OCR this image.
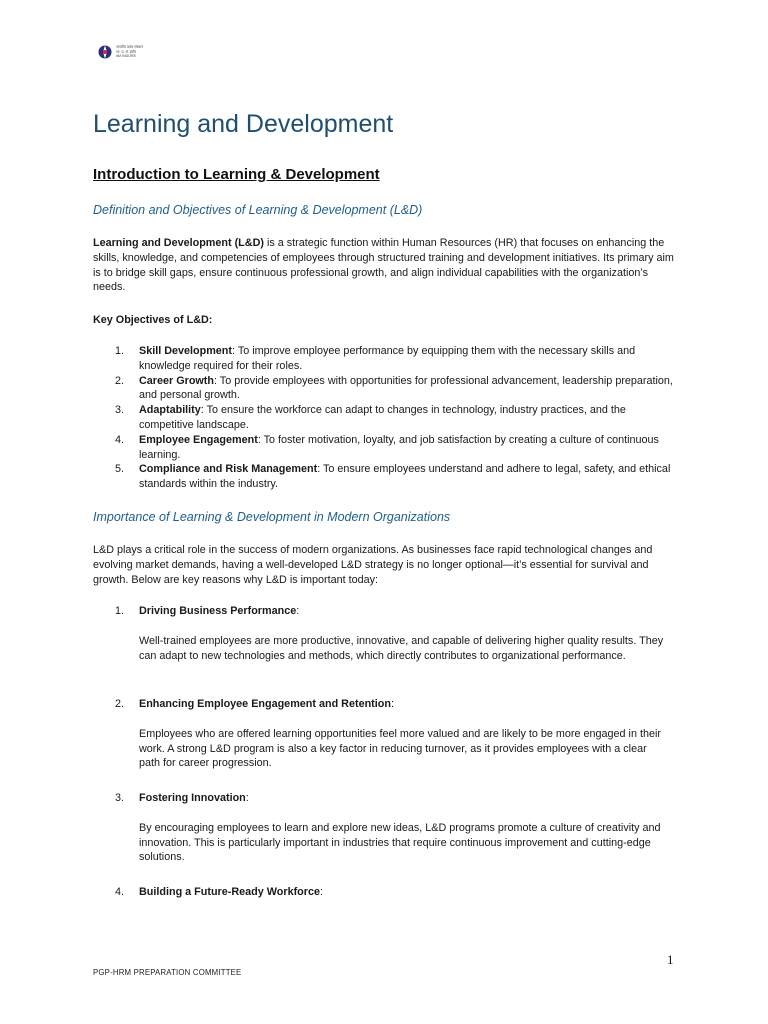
भारतीय प्रबंध संस्थान
भा. प्र. सं. इंदौर
IIM INDORE
Learning and Development
Introduction to Learning & Development
Definition and Objectives of Learning & Development (L&D)
Learning and Development (L&D) is a strategic function within Human Resources (HR) that focuses on enhancing the skills, knowledge, and competencies of employees through structured training and development initiatives. Its primary aim is to bridge skill gaps, ensure continuous professional growth, and align individual capabilities with the organization’s needs.
Key Objectives of L&D:
1. Skill Development: To improve employee performance by equipping them with the necessary skills and knowledge required for their roles.
2. Career Growth: To provide employees with opportunities for professional advancement, leadership preparation, and personal growth.
3. Adaptability: To ensure the workforce can adapt to changes in technology, industry practices, and the competitive landscape.
4. Employee Engagement: To foster motivation, loyalty, and job satisfaction by creating a culture of continuous learning.
5. Compliance and Risk Management: To ensure employees understand and adhere to legal, safety, and ethical standards within the industry.
Importance of Learning & Development in Modern Organizations
L&D plays a critical role in the success of modern organizations. As businesses face rapid technological changes and evolving market demands, having a well-developed L&D strategy is no longer optional—it’s essential for survival and growth. Below are key reasons why L&D is important today:
1. Driving Business Performance:
Well-trained employees are more productive, innovative, and capable of delivering higher quality results. They can adapt to new technologies and methods, which directly contributes to organizational performance.
2. Enhancing Employee Engagement and Retention:
Employees who are offered learning opportunities feel more valued and are likely to be more engaged in their work. A strong L&D program is also a key factor in reducing turnover, as it provides employees with a clear path for career progression.
3. Fostering Innovation:
By encouraging employees to learn and explore new ideas, L&D programs promote a culture of creativity and innovation. This is particularly important in industries that require continuous improvement and cutting-edge solutions.
4. Building a Future-Ready Workforce:
1
PGP-HRM PREPARATION COMMITTEE
